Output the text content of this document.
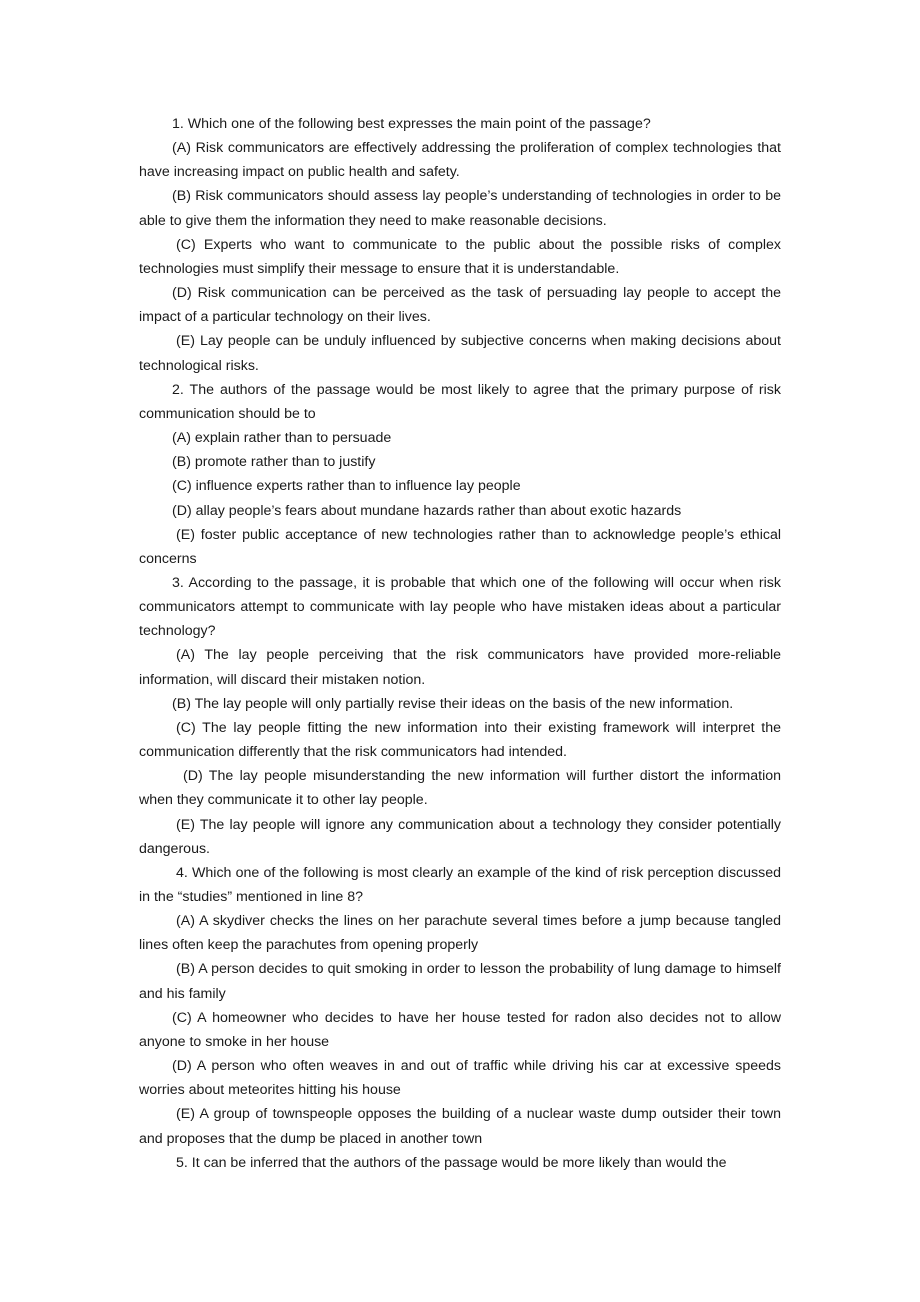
1. Which one of the following best expresses the main point of the passage?

(A) Risk communicators are effectively addressing the proliferation of complex technologies that have increasing impact on public health and safety.

(B) Risk communicators should assess lay people’s understanding of technologies in order to be able to give them the information they need to make reasonable decisions.

(C) Experts who want to communicate to the public about the possible risks of complex technologies must simplify their message to ensure that it is understandable.

(D) Risk communication can be perceived as the task of persuading lay people to accept the impact of a particular technology on their lives.

(E) Lay people can be unduly influenced by subjective concerns when making decisions about technological risks.

2. The authors of the passage would be most likely to agree that the primary purpose of risk communication should be to

(A) explain rather than to persuade

(B) promote rather than to justify

(C) influence experts rather than to influence lay people

(D) allay people’s fears about mundane hazards rather than about exotic hazards

(E) foster public acceptance of new technologies rather than to acknowledge people’s ethical concerns

3. According to the passage, it is probable that which one of the following will occur when risk communicators attempt to communicate with lay people who have mistaken ideas about a particular technology?

(A) The lay people perceiving that the risk communicators have provided more-reliable information, will discard their mistaken notion.

(B) The lay people will only partially revise their ideas on the basis of the new information.

(C) The lay people fitting the new information into their existing framework will interpret the communication differently that the risk communicators had intended.

(D) The lay people misunderstanding the new information will further distort the information when they communicate it to other lay people.

(E) The lay people will ignore any communication about a technology they consider potentially dangerous.

4. Which one of the following is most clearly an example of the kind of risk perception discussed in the “studies” mentioned in line 8?

(A) A skydiver checks the lines on her parachute several times before a jump because tangled lines often keep the parachutes from opening properly

(B) A person decides to quit smoking in order to lesson the probability of lung damage to himself and his family

(C) A homeowner who decides to have her house tested for radon also decides not to allow anyone to smoke in her house

(D) A person who often weaves in and out of traffic while driving his car at excessive speeds worries about meteorites hitting his house

(E) A group of townspeople opposes the building of a nuclear waste dump outsider their town and proposes that the dump be placed in another town

5. It can be inferred that the authors of the passage would be more likely than would the
